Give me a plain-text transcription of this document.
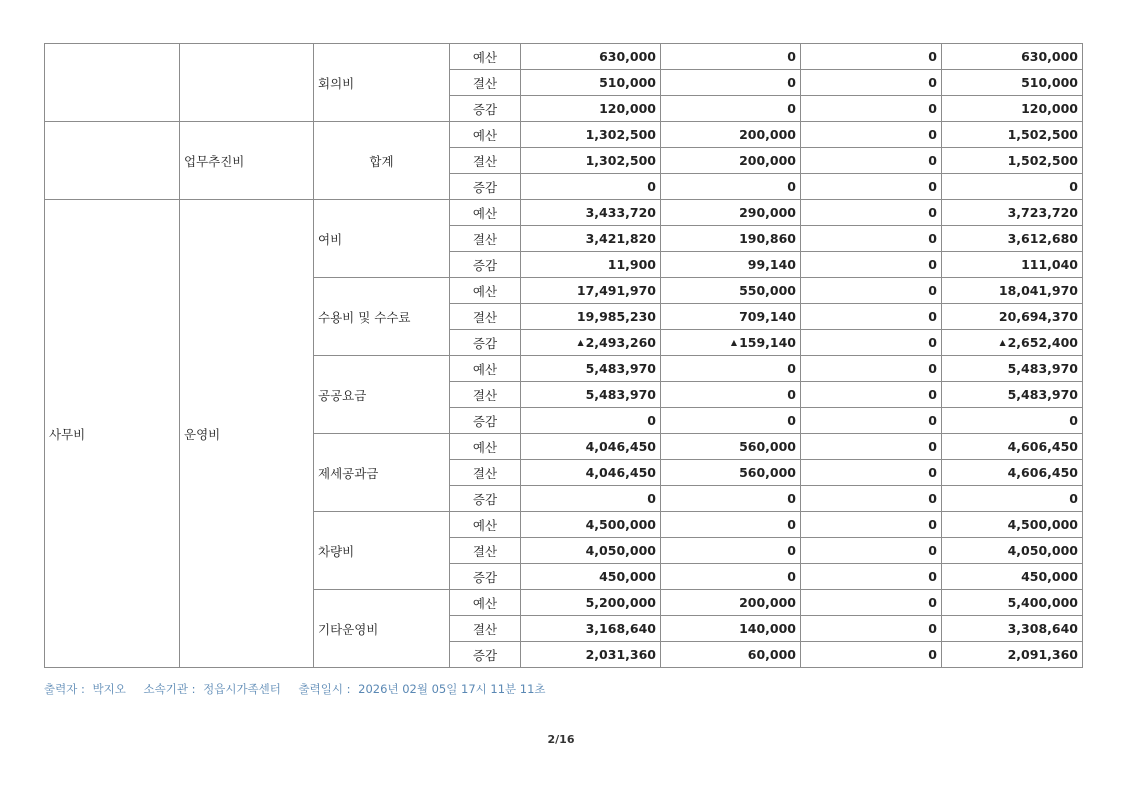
		회의비	예산	630,000	0	0	630,000
			결산	510,000	0	0	510,000
			증감	120,000	0	0	120,000
	업무추진비	합계	예산	1,302,500	200,000	0	1,502,500
			결산	1,302,500	200,000	0	1,502,500
			증감	0	0	0	0
사무비	운영비	여비	예산	3,433,720	290,000	0	3,723,720
			결산	3,421,820	190,860	0	3,612,680
			증감	11,900	99,140	0	111,040
		수용비 및 수수료	예산	17,491,970	550,000	0	18,041,970
			결산	19,985,230	709,140	0	20,694,370
			증감	▲ 2,493,260	▲ 159,140	0	▲ 2,652,400
		공공요금	예산	5,483,970	0	0	5,483,970
			결산	5,483,970	0	0	5,483,970
			증감	0	0	0	0
		제세공과금	예산	4,046,450	560,000	0	4,606,450
			결산	4,046,450	560,000	0	4,606,450
			증감	0	0	0	0
		차량비	예산	4,500,000	0	0	4,500,000
			결산	4,050,000	0	0	4,050,000
			증감	450,000	0	0	450,000
		기타운영비	예산	5,200,000	200,000	0	5,400,000
			결산	3,168,640	140,000	0	3,308,640
			증감	2,031,360	60,000	0	2,091,360
출력자 : 박지오 소속기관 : 정읍시가족센터 출력일시 : 2026년 02월 05일 17시 11분 11초
2/16
